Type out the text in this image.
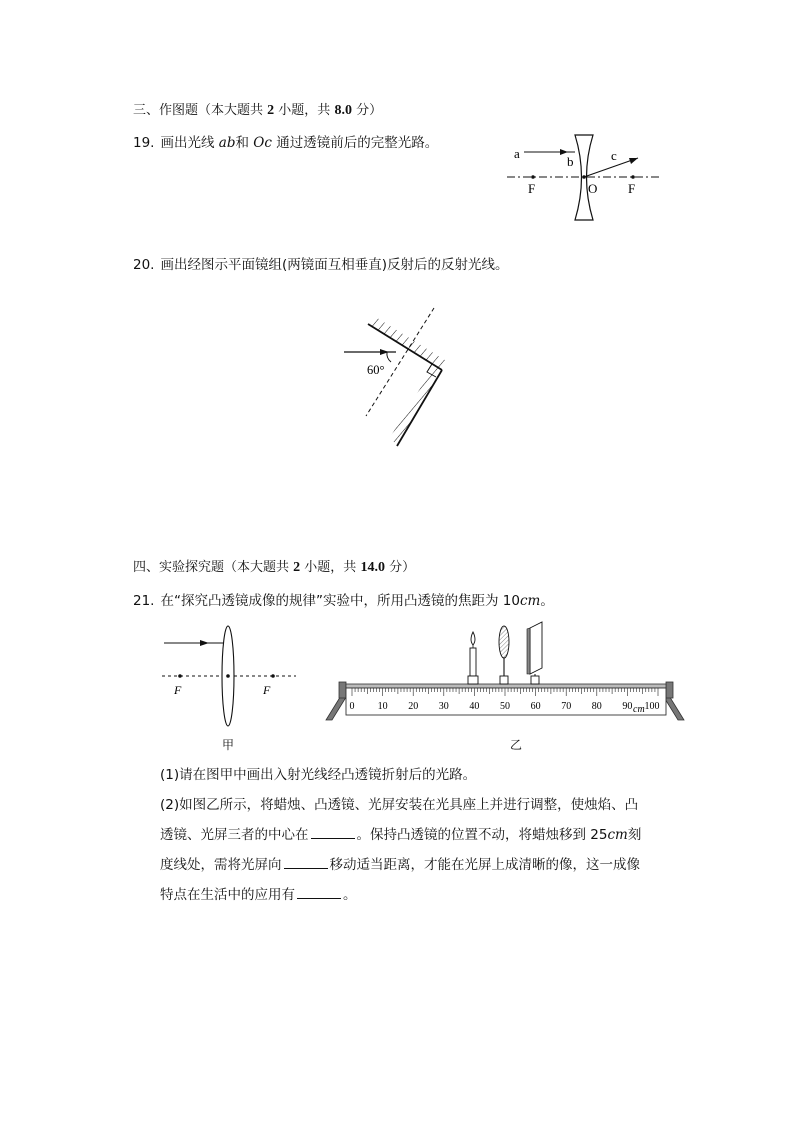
三、作图题（本大题共 2 小题，共 8.0 分）
19. 画出光线 ab和 Oc 通过透镜前后的完整光路。
a
b	c
F	O F
20. 画出经图示平面镜组(两镜面互相垂直)反射后的反射光线。
60°
四、实验探究题（本大题共 2 小题，共 14.0 分）
21. 在“探究凸透镜成像的规律”实验中，所用凸透镜的焦距为 10cm。
F	F
甲
0 10 20 30 40 50 60 70 80 90 100
cm
乙
(1)请在图甲中画出入射光线经凸透镜折射后的光路。
(2)如图乙所示，将蜡烛、凸透镜、光屏安装在光具座上并进行调整，使烛焰、凸
透镜、光屏三者的中心在	。保持凸透镜的位置不动，将蜡烛移到 25cm刻
度线处，需将光屏向	移动适当距离，才能在光屏上成清晰的像，这一成像
特点在生活中的应用有	。
